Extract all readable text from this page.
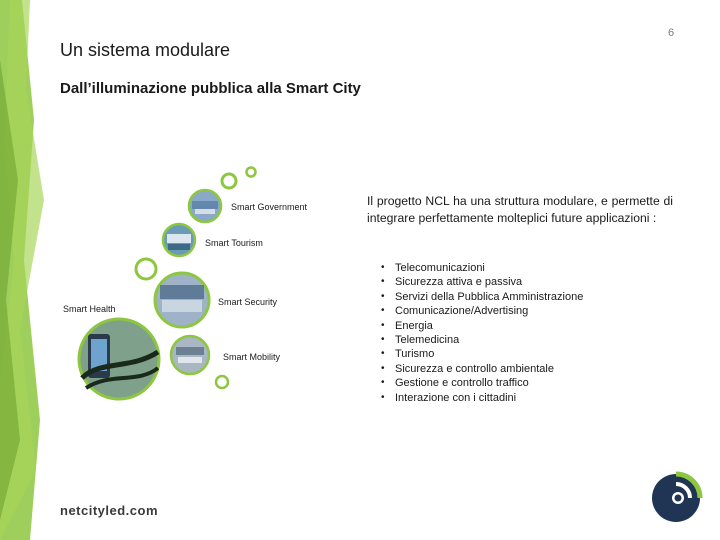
6
Un sistema modulare
Dall’illuminazione pubblica alla Smart City
Smart Government
Smart Tourism
Smart Security
Smart Health
Smart Mobility

Il progetto NCL ha una struttura modulare, e permette di integrare perfettamente molteplici future applicazioni :

• Telecomunicazioni
• Sicurezza attiva e passiva
• Servizi della Pubblica Amministrazione
• Comunicazione/Advertising
• Energia
• Telemedicina
• Turismo
• Sicurezza e controllo ambientale
• Gestione e controllo traffico
• Interazione con i cittadini
netcityled.com
